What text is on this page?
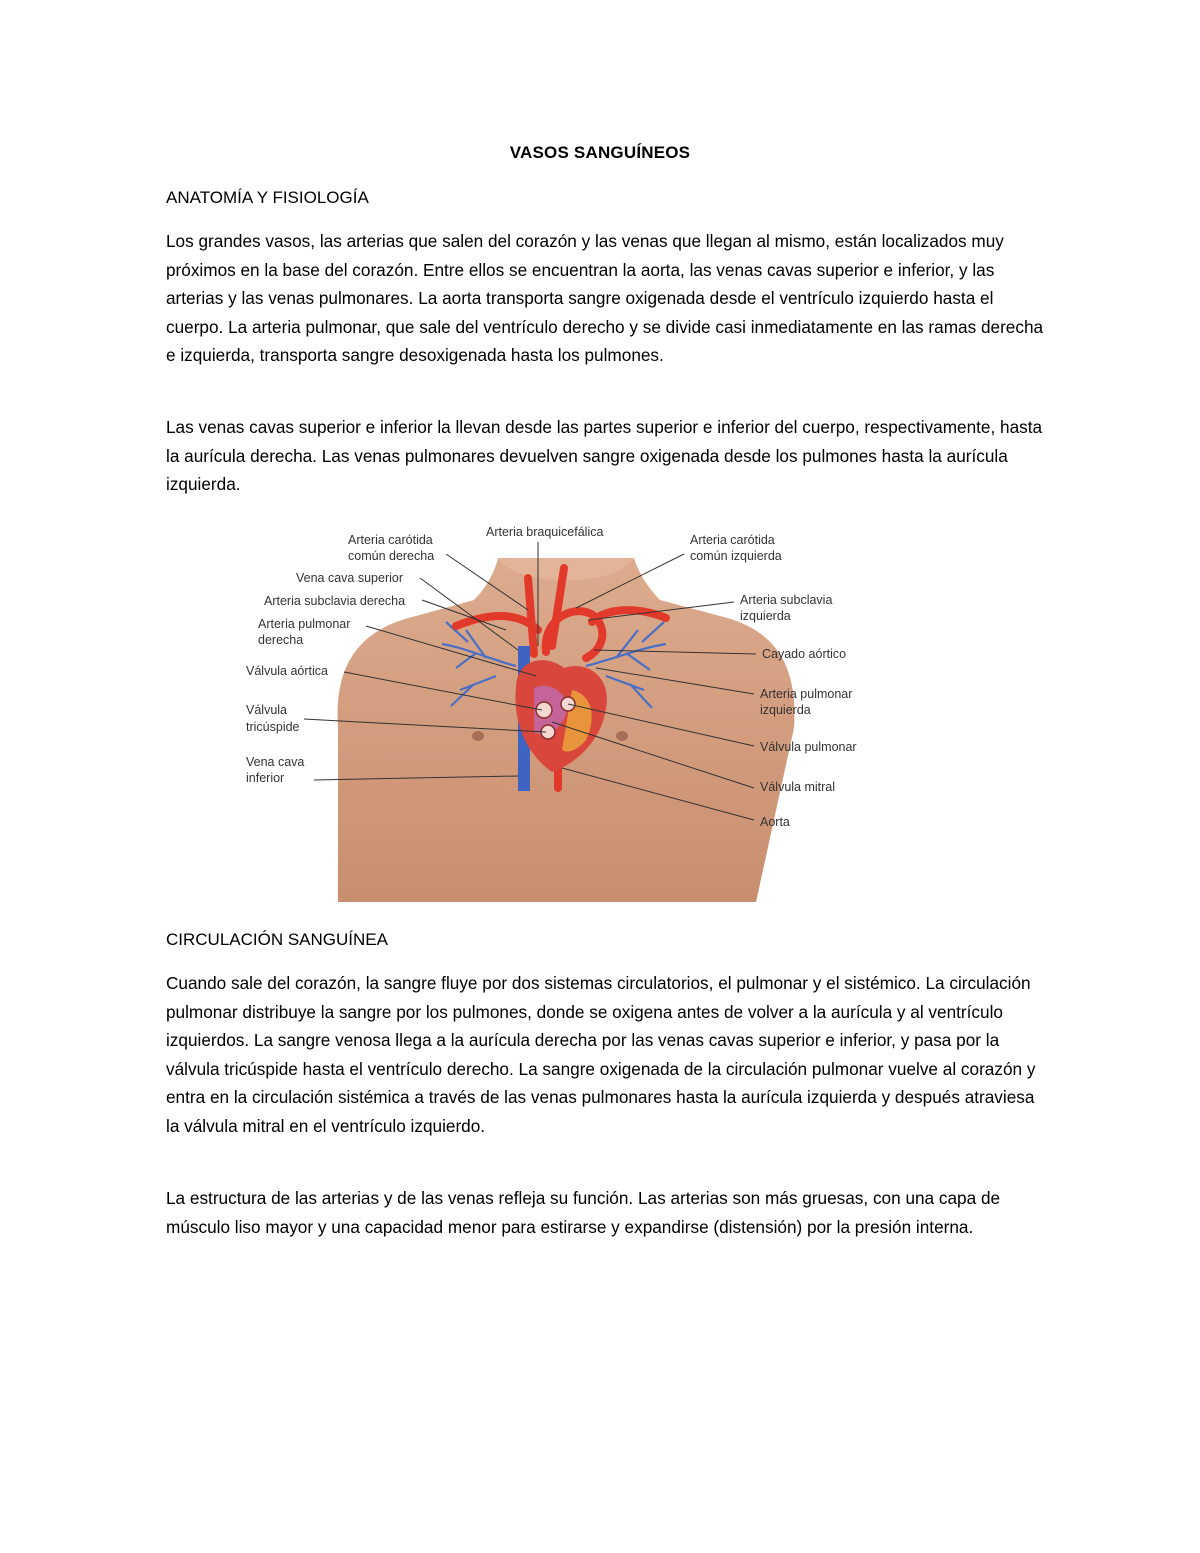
VASOS SANGUÍNEOS
ANATOMÍA Y FISIOLOGÍA

Los grandes vasos, las arterias que salen del corazón y las venas que llegan al mismo, están localizados muy próximos en la base del corazón. Entre ellos se encuentran la aorta, las venas cavas superior e inferior, y las arterias y las venas pulmonares. La aorta transporta sangre oxigenada desde el ventrículo izquierdo hasta el cuerpo. La arteria pulmonar, que sale del ventrículo derecho y se divide casi inmediatamente en las ramas derecha e izquierda, transporta sangre desoxigenada hasta los pulmones.

Las venas cavas superior e inferior la llevan desde las partes superior e inferior del cuerpo, respectivamente, hasta la aurícula derecha. Las venas pulmonares devuelven sangre oxigenada desde los pulmones hasta la aurícula izquierda.

Arteria braquicefálica
Arteria carótida
común derecha
Arteria carótida
común izquierda
Vena cava superior
Arteria subclavia derecha	Arteria subclavia
izquierda
Arteria pulmonar
derecha
Cayado aórtico
Válvula aórtica
Arteria pulmonar
izquierda
Válvula
tricúspide
Válvula pulmonar
Vena cava
inferior
Válvula mitral
Aorta
CIRCULACIÓN SANGUÍNEA

Cuando sale del corazón, la sangre fluye por dos sistemas circulatorios, el pulmonar y el sistémico. La circulación pulmonar distribuye la sangre por los pulmones, donde se oxigena antes de volver a la aurícula y al ventrículo izquierdos. La sangre venosa llega a la aurícula derecha por las venas cavas superior e inferior, y pasa por la válvula tricúspide hasta el ventrículo derecho. La sangre oxigenada de la circulación pulmonar vuelve al corazón y entra en la circulación sistémica a través de las venas pulmonares hasta la aurícula izquierda y después atraviesa la válvula mitral en el ventrículo izquierdo.

La estructura de las arterias y de las venas refleja su función. Las arterias son más gruesas, con una capa de músculo liso mayor y una capacidad menor para estirarse y expandirse (distensión) por la presión interna.
